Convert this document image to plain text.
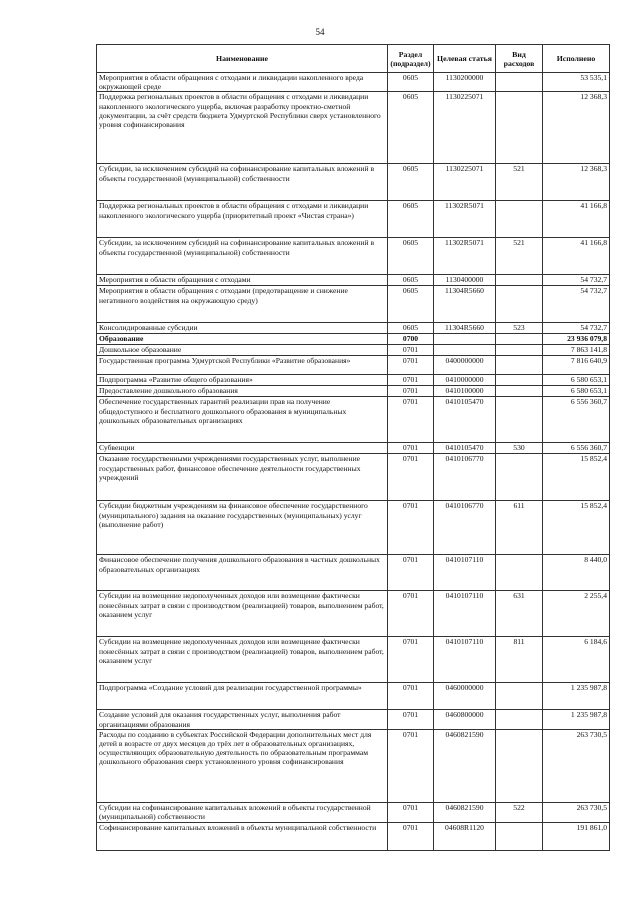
54
Наименование	Раздел (подраздел)	Целевая статья	Вид расходов	Исполнено
Мероприятия в области обращения с отходами и ликвидации накопленного вреда окружающей среде	0605	1130200000		53 535,1
Поддержка региональных проектов в области обращения с отходами и ликвидации накопленного экологического ущерба, включая разработку проектно-сметной документации, за счёт средств бюджета Удмуртской Республики сверх установленного уровня софинансирования	0605	1130225071		12 368,3
Субсидии, за исключением субсидий на софинансирование капитальных вложений в объекты государственной (муниципальной) собственности	0605	1130225071	521	12 368,3
Поддержка региональных проектов в области обращения с отходами и ликвидации накопленного экологического ущерба (приоритетный проект «Чистая страна»)	0605	11302R5071		41 166,8
Субсидии, за исключением субсидий на софинансирование капитальных вложений в объекты государственной (муниципальной) собственности	0605	11302R5071	521	41 166,8
Мероприятия в области обращения с отходами	0605	1130400000		54 732,7
Мероприятия в области обращения с отходами (предотвращение и снижение негативного воздействия на окружающую среду)	0605	11304R5660		54 732,7
Консолидированные субсидии	0605	11304R5660	523	54 732,7
Образование	0700			23 936 079,8
Дошкольное образование	0701			7 863 141,8
Государственная программа Удмуртской Республики «Развитие образования»	0701	0400000000		7 816 640,9
Подпрограмма «Развитие общего образования»	0701	0410000000		6 580 653,1
Предоставление дошкольного образования	0701	0410100000		6 580 653,1
Обеспечение государственных гарантий реализации прав на получение общедоступного и бесплатного дошкольного образования в муниципальных дошкольных образовательных организациях	0701	0410105470		6 556 360,7
Субвенции	0701	0410105470	530	6 556 360,7
Оказание государственными учреждениями государственных услуг, выполнение государственных работ, финансовое обеспечение деятельности государственных учреждений	0701	0410106770		15 852,4
Субсидии бюджетным учреждениям на финансовое обеспечение государственного (муниципального) задания на оказание государственных (муниципальных) услуг (выполнение работ)	0701	0410106770	611	15 852,4
Финансовое обеспечение получения дошкольного образования в частных дошкольных образовательных организациях	0701	0410107110		8 440,0
Субсидии на возмещение недополученных доходов или возмещение фактически понесённых затрат в связи с производством (реализацией) товаров, выполнением работ, оказанием услуг	0701	0410107110	631	2 255,4
Субсидии на возмещение недополученных доходов или возмещение фактически понесённых затрат в связи с производством (реализацией) товаров, выполнением работ, оказанием услуг	0701	0410107110	811	6 184,6
Подпрограмма «Создание условий для реализации государственной программы»	0701	0460000000		1 235 987,8
Создание условий для оказания государственных услуг, выполнения работ организациями образования	0701	0460800000		1 235 987,8
Расходы по созданию в субъектах Российской Федерации дополнительных мест для детей в возрасте от двух месяцев до трёх лет в образовательных организациях, осуществляющих образовательную деятельность по образовательным программам дошкольного образования сверх установленного уровня софинансирования	0701	0460821590		263 730,5
Субсидии на софинансирование капитальных вложений в объекты государственной (муниципальной) собственности	0701	0460821590	522	263 730,5
Софинансирование капитальных вложений в объекты муниципальной собственности	0701	04608R1120		191 861,0
